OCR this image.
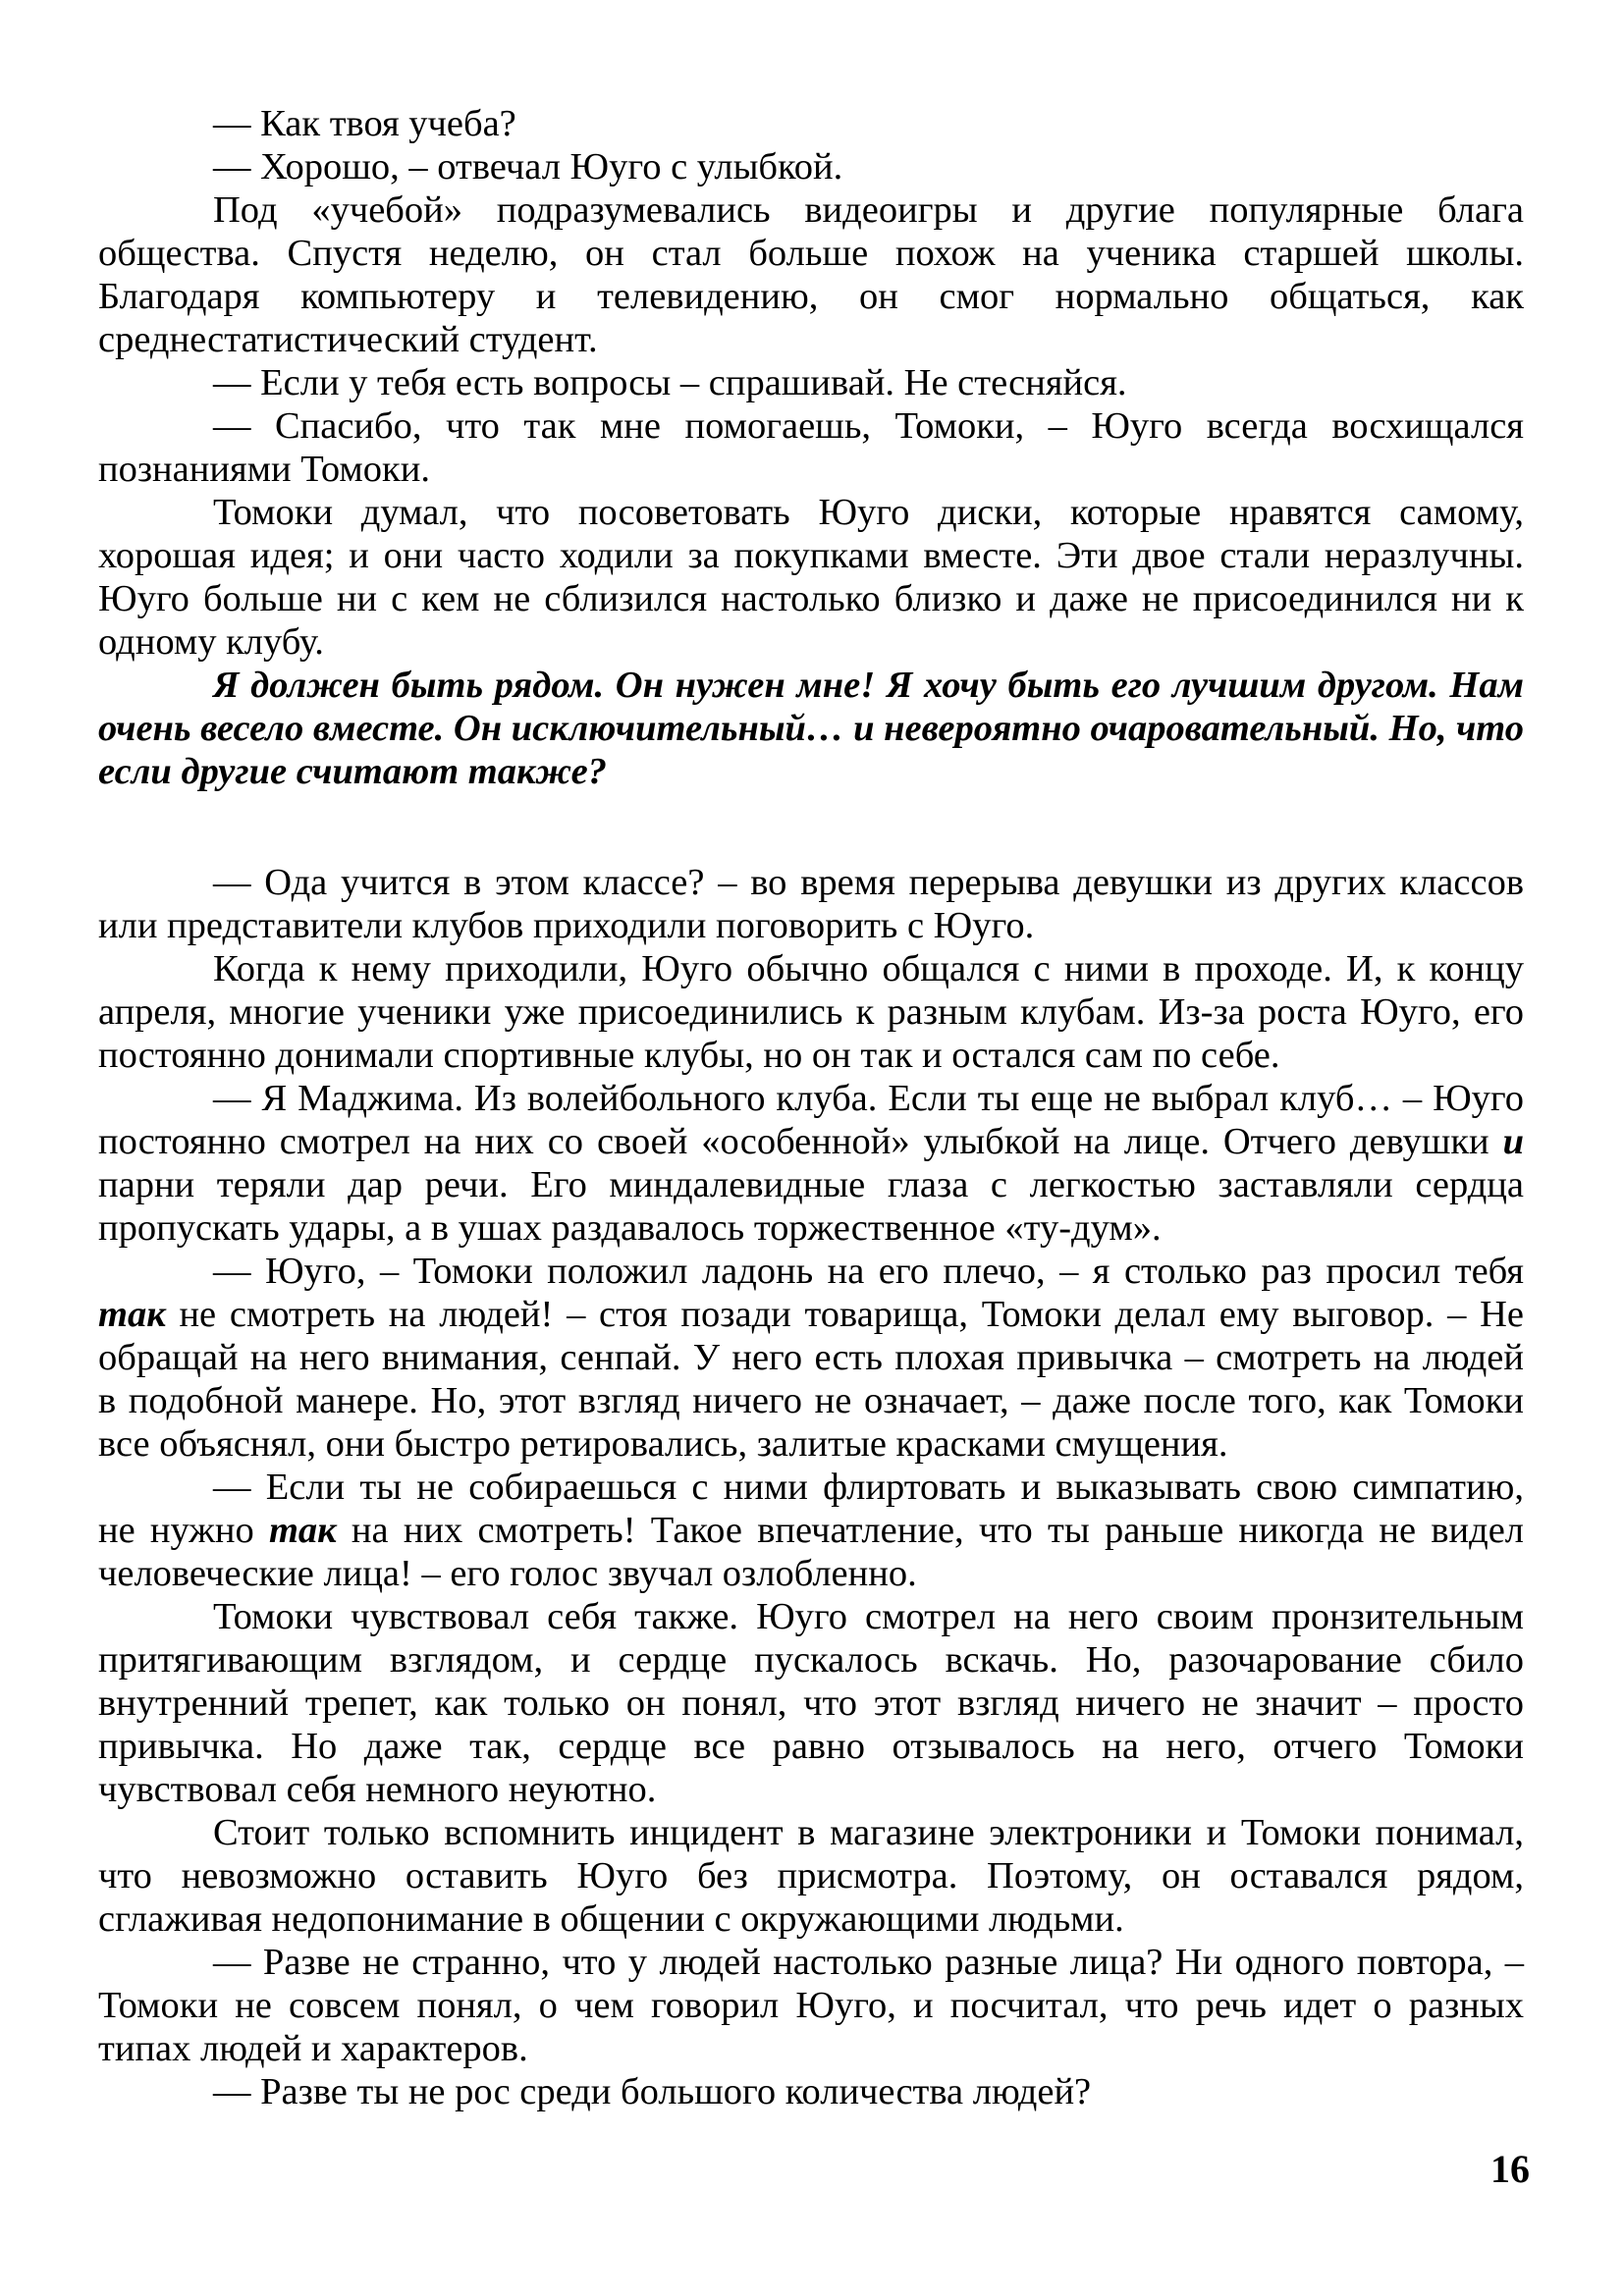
— Как твоя учеба?
— Хорошо, – отвечал Юуго с улыбкой.
Под «учебой» подразумевались видеоигры и другие популярные блага
общества. Спустя неделю, он стал больше похож на ученика старшей школы.
Благодаря компьютеру и телевидению, он смог нормально общаться, как
среднестатистический студент.
— Если у тебя есть вопросы – спрашивай. Не стесняйся.
— Спасибо, что так мне помогаешь, Томоки, – Юуго всегда восхищался
познаниями Томоки.
Томоки думал, что посоветовать Юуго диски, которые нравятся самому,
хорошая идея; и они часто ходили за покупками вместе. Эти двое стали неразлучны.
Юуго больше ни с кем не сблизился настолько близко и даже не присоединился ни к
одному клубу.
Я должен быть рядом. Он нужен мне! Я хочу быть его лучшим другом. Нам
очень весело вместе. Он исключительный… и невероятно очаровательный. Но, что
если другие считают также?
— Ода учится в этом классе? – во время перерыва девушки из других классов
или представители клубов приходили поговорить с Юуго.
Когда к нему приходили, Юуго обычно общался с ними в проходе. И, к концу
апреля, многие ученики уже присоединились к разным клубам. Из-за роста Юуго, его
постоянно донимали спортивные клубы, но он так и остался сам по себе.
— Я Маджима. Из волейбольного клуба. Если ты еще не выбрал клуб… – Юуго
постоянно смотрел на них со своей «особенной» улыбкой на лице. Отчего девушки и
парни теряли дар речи. Его миндалевидные глаза с легкостью заставляли сердца
пропускать удары, а в ушах раздавалось торжественное «ту-дум».
— Юуго, – Томоки положил ладонь на его плечо, – я столько раз просил тебя
так не смотреть на людей! – стоя позади товарища, Томоки делал ему выговор. – Не
обращай на него внимания, сенпай. У него есть плохая привычка – смотреть на людей
в подобной манере. Но, этот взгляд ничего не означает, – даже после того, как Томоки
все объяснял, они быстро ретировались, залитые красками смущения.
— Если ты не собираешься с ними флиртовать и выказывать свою симпатию,
не нужно так на них смотреть! Такое впечатление, что ты раньше никогда не видел
человеческие лица! – его голос звучал озлобленно.
Томоки чувствовал себя также. Юуго смотрел на него своим пронзительным
притягивающим взглядом, и сердце пускалось вскачь. Но, разочарование сбило
внутренний трепет, как только он понял, что этот взгляд ничего не значит – просто
привычка. Но даже так, сердце все равно отзывалось на него, отчего Томоки
чувствовал себя немного неуютно.
Стоит только вспомнить инцидент в магазине электроники и Томоки понимал,
что невозможно оставить Юуго без присмотра. Поэтому, он оставался рядом,
сглаживая недопонимание в общении с окружающими людьми.
— Разве не странно, что у людей настолько разные лица? Ни одного повтора, –
Томоки не совсем понял, о чем говорил Юуго, и посчитал, что речь идет о разных
типах людей и характеров.
— Разве ты не рос среди большого количества людей?
16
